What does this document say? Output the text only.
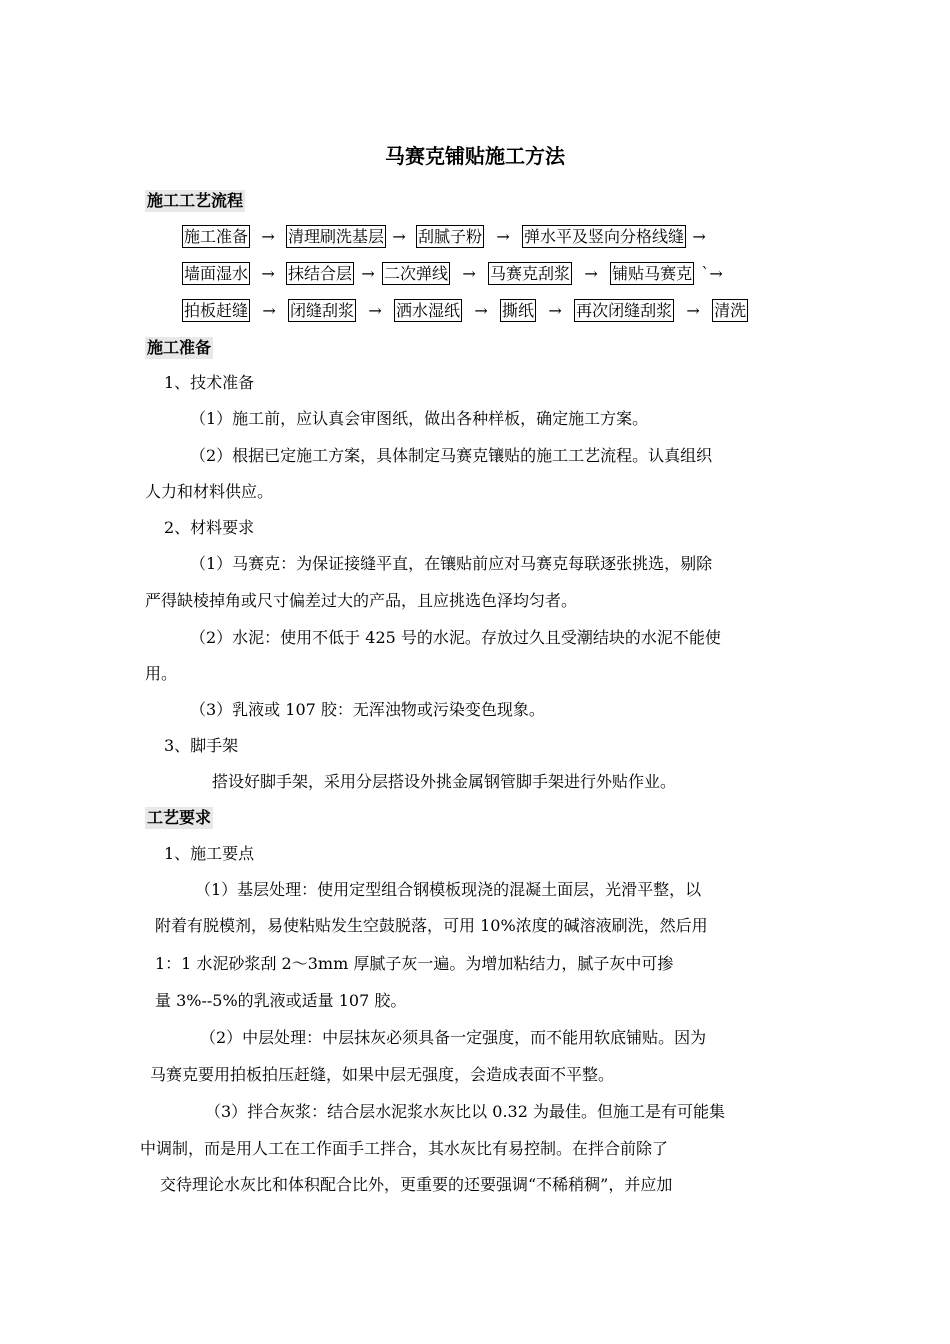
马赛克铺贴施工方法
施工工艺流程
施工准备 → 清理刷洗基层 → 刮腻子粉 → 弹水平及竖向分格线缝 →
墙面湿水 → 抹结合层 → 二次弹线 → 马赛克刮浆 → 铺贴马赛克 `→
拍板赶缝 → 闭缝刮浆 → 洒水湿纸 → 撕纸 → 再次闭缝刮浆 → 清洗
施工准备
1、技术准备
（1）施工前，应认真会审图纸，做出各种样板，确定施工方案。
（2）根据已定施工方案，具体制定马赛克镶贴的施工工艺流程。认真组织
人力和材料供应。
2、材料要求
（1）马赛克：为保证接缝平直，在镶贴前应对马赛克每联逐张挑选，剔除
严得缺棱掉角或尺寸偏差过大的产品，且应挑选色泽均匀者。
（2）水泥：使用不低于 425 号的水泥。存放过久且受潮结块的水泥不能使
用。
（3）乳液或 107 胶：无浑浊物或污染变色现象。
3、脚手架
搭设好脚手架，采用分层搭设外挑金属钢管脚手架进行外贴作业。
工艺要求
1、施工要点
（1）基层处理：使用定型组合钢模板现浇的混凝土面层，光滑平整，以
附着有脱模剂，易使粘贴发生空鼓脱落，可用 10%浓度的碱溶液刷洗，然后用
1：1 水泥砂浆刮 2～3mm 厚腻子灰一遍。为增加粘结力，腻子灰中可掺
量 3%--5%的乳液或适量 107 胶。
（2）中层处理：中层抹灰必须具备一定强度，而不能用软底铺贴。因为
马赛克要用拍板拍压赶缝，如果中层无强度，会造成表面不平整。
（3）拌合灰浆：结合层水泥浆水灰比以 0.32 为最佳。但施工是有可能集
中调制，而是用人工在工作面手工拌合，其水灰比有易控制。在拌合前除了
交待理论水灰比和体积配合比外，更重要的还要强调“不稀稍稠”，并应加
